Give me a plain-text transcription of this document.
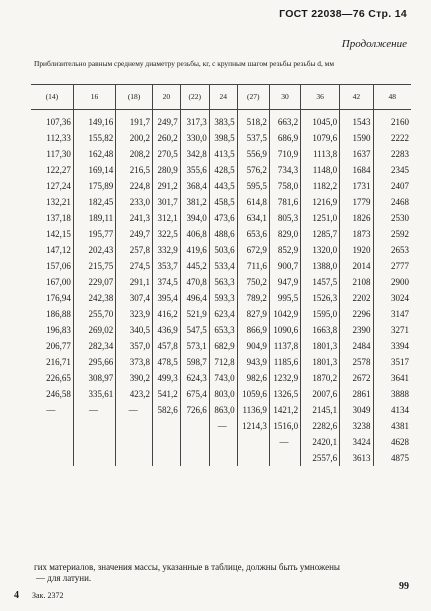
ГОСТ 22038—76 Стр. 14
Продолжение
Приблизительно равным среднему диаметру резьбы, кг, с крупным шагом резьбы резьбы d, мм
(14)	16	(18)	20	(22)	24	(27)	30	36	42	48
107,36	149,16	191,7	249,7	317,3	383,5	518,2	663,2	1045,0	1543	2160
112,33	155,82	200,2	260,2	330,0	398,5	537,5	686,9	1079,6	1590	2222
117,30	162,48	208,2	270,5	342,8	413,5	556,9	710,9	1113,8	1637	2283
122,27	169,14	216,5	280,9	355,6	428,5	576,2	734,3	1148,0	1684	2345
127,24	175,89	224,8	291,2	368,4	443,5	595,5	758,0	1182,2	1731	2407
132,21	182,45	233,0	301,7	381,2	458,5	614,8	781,6	1216,9	1779	2468
137,18	189,11	241,3	312,1	394,0	473,6	634,1	805,3	1251,0	1826	2530
142,15	195,77	249,7	322,5	406,8	488,6	653,6	829,0	1285,7	1873	2592
147,12	202,43	257,8	332,9	419,6	503,6	672,9	852,9	1320,0	1920	2653
157,06	215,75	274,5	353,7	445,2	533,4	711,6	900,7	1388,0	2014	2777
167,00	229,07	291,1	374,5	470,8	563,3	750,2	947,9	1457,5	2108	2900
176,94	242,38	307,4	395,4	496,4	593,3	789,2	995,5	1526,3	2202	3024
186,88	255,70	323,9	416,2	521,9	623,4	827,9	1042,9	1595,0	2296	3147
196,83	269,02	340,5	436,9	547,5	653,3	866,9	1090,6	1663,8	2390	3271
206,77	282,34	357,0	457,8	573,1	682,9	904,9	1137,8	1801,3	2484	3394
216,71	295,66	373,8	478,5	598,7	712,8	943,9	1185,6	1801,3	2578	3517
226,65	308,97	390,2	499,3	624,3	743,0	982,6	1232,9	1870,2	2672	3641
246,58	335,61	423,2	541,2	675,4	803,0	1059,6	1326,5	2007,6	2861	3888
—	—	—	582,6	726,6	863,0	1136,9	1421,2	2145,1	3049	4134
					—	1214,3	1516,0	2282,6	3238	4381
							—	2420,1	3424	4628
								2557,6	3613	4875
гих материалов, значения массы, указанные в таблице, должны быть умножены
— для латуни.
4 Зак. 2372
99
